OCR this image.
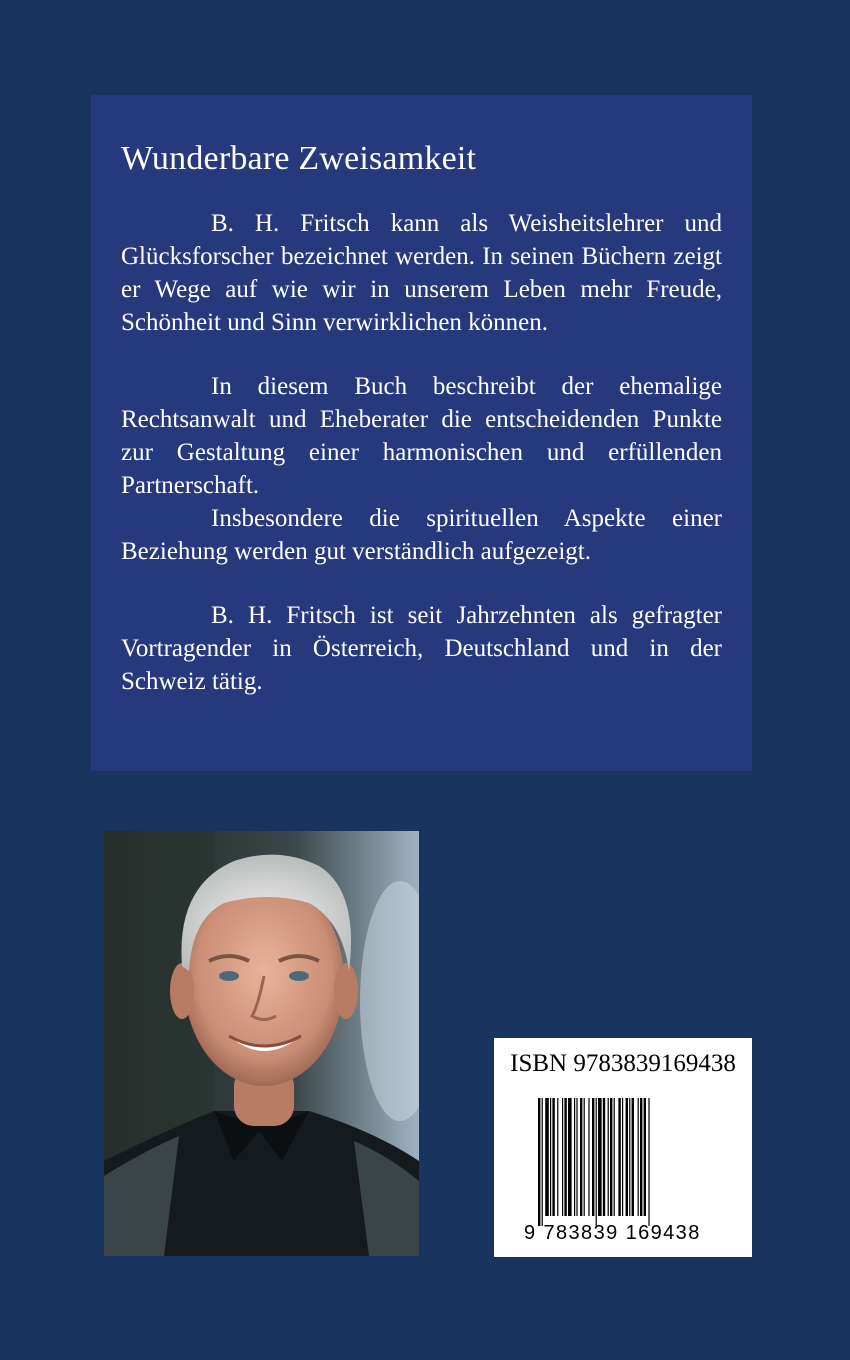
Wunderbare Zweisamkeit

B. H. Fritsch kann als Weisheitslehrer und Glücksforscher bezeichnet werden. In seinen Büchern zeigt er Wege auf wie wir in unserem Leben mehr Freude, Schönheit und Sinn verwirklichen können.

In diesem Buch beschreibt der ehemalige Rechtsanwalt und Eheberater die entscheidenden Punkte zur Gestaltung einer harmonischen und erfüllenden Partnerschaft.

Insbesondere die spirituellen Aspekte einer Beziehung werden gut verständlich aufgezeigt.

B. H. Fritsch ist seit Jahrzehnten als gefragter Vortragender in Österreich, Deutschland und in der Schweiz tätig.

ISBN 9783839169438
9 783839 169438
